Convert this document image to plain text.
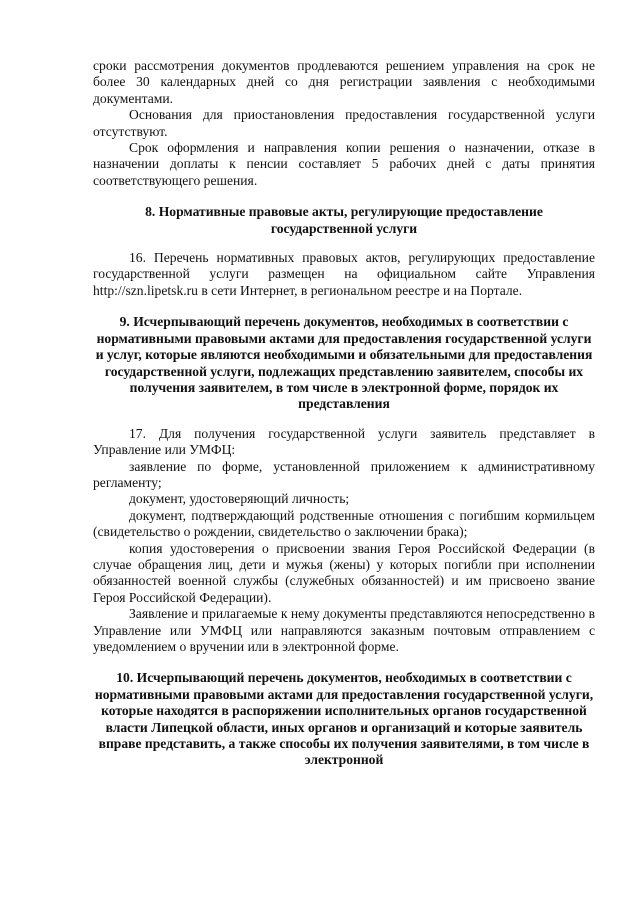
сроки рассмотрения документов продлеваются решением управления на срок не более 30 календарных дней со дня регистрации заявления с необходимыми документами.

Основания для приостановления предоставления государственной услуги отсутствуют.

Срок оформления и направления копии решения о назначении, отказе в назначении доплаты к пенсии составляет 5 рабочих дней с даты принятия соответствующего решения.

8. Нормативные правовые акты, регулирующие предоставление государственной услуги

16. Перечень нормативных правовых актов, регулирующих предоставление государственной услуги размещен на официальном сайте Управления http://szn.lipetsk.ru в сети Интернет, в региональном реестре и на Портале.

9. Исчерпывающий перечень документов, необходимых в соответствии с нормативными правовыми актами для предоставления государственной услуги и услуг, которые являются необходимыми и обязательными для предоставления государственной услуги, подлежащих представлению заявителем, способы их получения заявителем, в том числе в электронной форме, порядок их представления

17. Для получения государственной услуги заявитель представляет в Управление или УМФЦ:

заявление по форме, установленной приложением к административному регламенту;

документ, удостоверяющий личность;

документ, подтверждающий родственные отношения с погибшим кормильцем (свидетельство о рождении, свидетельство о заключении брака);

копия удостоверения о присвоении звания Героя Российской Федерации (в случае обращения лиц, дети и мужья (жены) у которых погибли при исполнении обязанностей военной службы (служебных обязанностей) и им присвоено звание Героя Российской Федерации).

Заявление и прилагаемые к нему документы представляются непосредственно в Управление или УМФЦ или направляются заказным почтовым отправлением с уведомлением о вручении или в электронной форме.

10. Исчерпывающий перечень документов, необходимых в соответствии с нормативными правовыми актами для предоставления государственной услуги, которые находятся в распоряжении исполнительных органов государственной власти Липецкой области, иных органов и организаций и которые заявитель вправе представить, а также способы их получения заявителями, в том числе в электронной
